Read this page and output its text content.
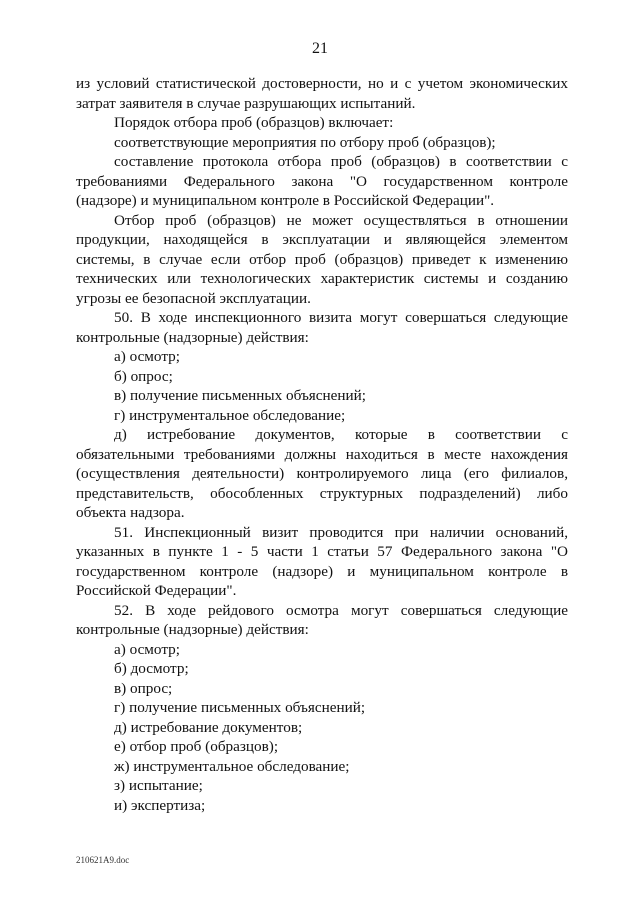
21

из условий статистической достоверности, но и с учетом экономических затрат заявителя в случае разрушающих испытаний.

Порядок отбора проб (образцов) включает:

соответствующие мероприятия по отбору проб (образцов);

составление протокола отбора проб (образцов) в соответствии с требованиями Федерального закона "О государственном контроле (надзоре) и муниципальном контроле в Российской Федерации".

Отбор проб (образцов) не может осуществляться в отношении продукции, находящейся в эксплуатации и являющейся элементом системы, в случае если отбор проб (образцов) приведет к изменению технических или технологических характеристик системы и созданию угрозы ее безопасной эксплуатации.

50. В ходе инспекционного визита могут совершаться следующие контрольные (надзорные) действия:

а) осмотр;

б) опрос;

в) получение письменных объяснений;

г) инструментальное обследование;

д) истребование документов, которые в соответствии с обязательными требованиями должны находиться в месте нахождения (осуществления деятельности) контролируемого лица (его филиалов, представительств, обособленных структурных подразделений) либо объекта надзора.

51. Инспекционный визит проводится при наличии оснований, указанных в пункте 1 - 5 части 1 статьи 57 Федерального закона "О государственном контроле (надзоре) и муниципальном контроле в Российской Федерации".

52. В ходе рейдового осмотра могут совершаться следующие контрольные (надзорные) действия:

а) осмотр;

б) досмотр;

в) опрос;

г) получение письменных объяснений;

д) истребование документов;

е) отбор проб (образцов);

ж) инструментальное обследование;

з) испытание;

и) экспертиза;

210621А9.doc
